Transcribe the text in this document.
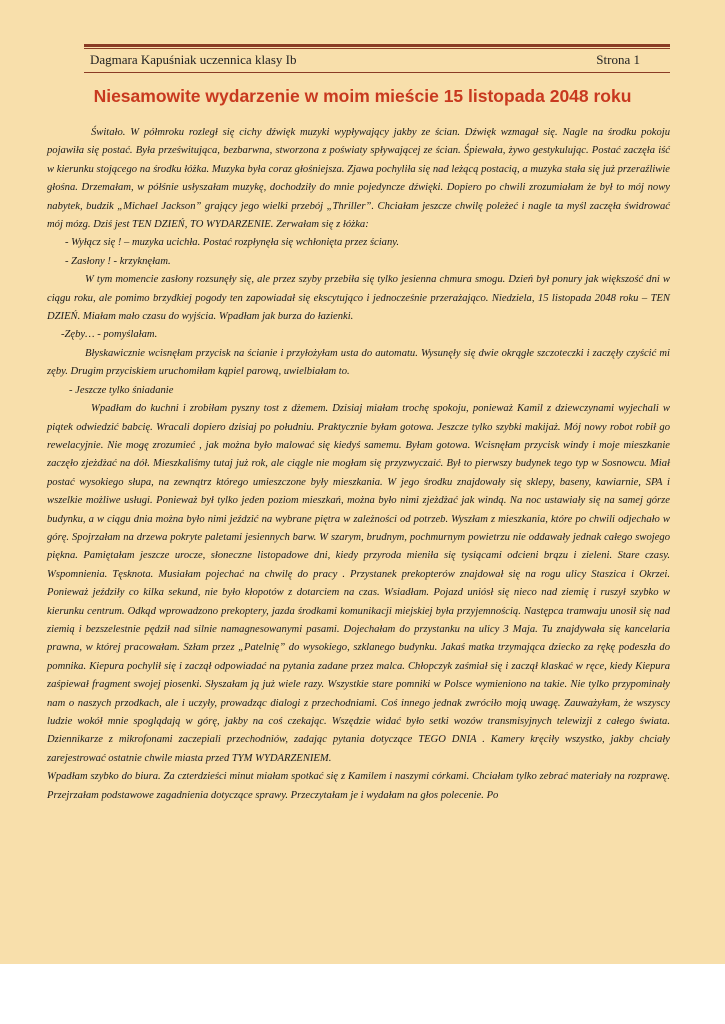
Dagmara Kapuśniak uczennica klasy Ib	Strona 1
Niesamowite wydarzenie w moim mieście 15 listopada 2048 roku

Świtało. W półmroku rozległ się cichy dźwięk muzyki wypływający jakby ze ścian. Dźwięk wzmagał się. Nagle na środku pokoju pojawiła się postać. Była prześwitująca, bezbarwna, stworzona z poświaty spływającej ze ścian. Śpiewała, żywo gestykulując. Postać zaczęła iść w kierunku stojącego na środku łóżka. Muzyka była coraz głośniejsza. Zjawa pochyliła się nad leżącą postacią, a muzyka stała się już przeraźliwie głośna. Drzemałam, w półśnie usłyszałam muzykę, dochodziły do mnie pojedyncze dźwięki. Dopiero po chwili zrozumiałam że był to mój nowy nabytek, budzik „Michael Jackson” grający jego wielki przebój „Thriller”. Chciałam jeszcze chwilę poleżeć i nagle ta myśl zaczęła świdrować mój mózg. Dziś jest TEN DZIEŃ, TO WYDARZENIE. Zerwałam się z łóżka:

- Wyłącz się ! – muzyka ucichła. Postać rozpłynęła się wchłonięta przez ściany.

- Zasłony ! - krzyknęłam.

W tym momencie zasłony rozsunęły się, ale przez szyby przebiła się tylko jesienna chmura smogu. Dzień był ponury jak większość dni w ciągu roku, ale pomimo brzydkiej pogody ten zapowiadał się ekscytująco i jednocześnie przerażająco. Niedziela, 15 listopada 2048 roku – TEN DZIEŃ. Miałam mało czasu do wyjścia. Wpadłam jak burza do łazienki.

-Zęby… - pomyślałam.

Błyskawicznie wcisnęłam przycisk na ścianie i przyłożyłam usta do automatu. Wysunęły się dwie okrągłe szczoteczki i zaczęły czyścić mi zęby. Drugim przyciskiem uruchomiłam kąpiel parową, uwielbiałam to.

- Jeszcze tylko śniadanie

Wpadłam do kuchni i zrobiłam pyszny tost z dżemem. Dzisiaj miałam trochę spokoju, ponieważ Kamil z dziewczynami wyjechali w piątek odwiedzić babcię. Wracali dopiero dzisiaj po południu. Praktycznie byłam gotowa. Jeszcze tylko szybki makijaż. Mój nowy robot robił go rewelacyjnie. Nie mogę zrozumieć , jak można było malować się kiedyś samemu. Byłam gotowa. Wcisnęłam przycisk windy i moje mieszkanie zaczęło zjeżdżać na dół. Mieszkaliśmy tutaj już rok, ale ciągle nie mogłam się przyzwyczaić. Był to pierwszy budynek tego typ w Sosnowcu. Miał postać wysokiego słupa, na zewnątrz którego umieszczone były mieszkania. W jego środku znajdowały się sklepy, baseny, kawiarnie, SPA i wszelkie możliwe usługi. Ponieważ był tylko jeden poziom mieszkań, można było nimi zjeżdżać jak windą. Na noc ustawiały się na samej górze budynku, a w ciągu dnia można było nimi jeździć na wybrane piętra w zależności od potrzeb. Wyszłam z mieszkania, które po chwili odjechało w górę. Spojrzałam na drzewa pokryte paletami jesiennych barw. W szarym, brudnym, pochmurnym powietrzu nie oddawały jednak całego swojego piękna. Pamiętałam jeszcze urocze, słoneczne listopadowe dni, kiedy przyroda mieniła się tysiącami odcieni brązu i zieleni. Stare czasy. Wspomnienia. Tęsknota. Musiałam pojechać na chwilę do pracy . Przystanek prekopterów znajdował się na rogu ulicy Staszica i Okrzei. Ponieważ jeździły co kilka sekund, nie było kłopotów z dotarciem na czas. Wsiadłam. Pojazd uniósł się nieco nad ziemię i ruszył szybko w kierunku centrum. Odkąd wprowadzono prekoptery, jazda środkami komunikacji miejskiej była przyjemnością. Następca tramwaju unosił się nad ziemią i bezszelestnie pędził nad silnie namagnesowanymi pasami. Dojechałam do przystanku na ulicy 3 Maja. Tu znajdywała się kancelaria prawna, w której pracowałam. Szłam przez „Patelnię” do wysokiego, szklanego budynku. Jakaś matka trzymająca dziecko za rękę podeszła do pomnika. Kiepura pochylił się i zaczął odpowiadać na pytania zadane przez malca. Chłopczyk zaśmiał się i zaczął klaskać w ręce, kiedy Kiepura zaśpiewał fragment swojej piosenki. Słyszałam ją już wiele razy. Wszystkie stare pomniki w Polsce wymieniono na takie. Nie tylko przypominały nam o naszych przodkach, ale i uczyły, prowadząc dialogi z przechodniami. Coś innego jednak zwróciło moją uwagę. Zauważyłam, że wszyscy ludzie wokół mnie spoglądają w górę, jakby na coś czekając. Wszędzie widać było setki wozów transmisyjnych telewizji z całego świata. Dziennikarze z mikrofonami zaczepiali przechodniów, zadając pytania dotyczące TEGO DNIA . Kamery kręciły wszystko, jakby chciały zarejestrować ostatnie chwile miasta przed TYM WYDARZENIEM.

Wpadłam szybko do biura. Za czterdzieści minut miałam spotkać się z Kamilem i naszymi córkami. Chciałam tylko zebrać materiały na rozprawę. Przejrzałam podstawowe zagadnienia dotyczące sprawy. Przeczytałam je i wydałam na głos polecenie. Po
